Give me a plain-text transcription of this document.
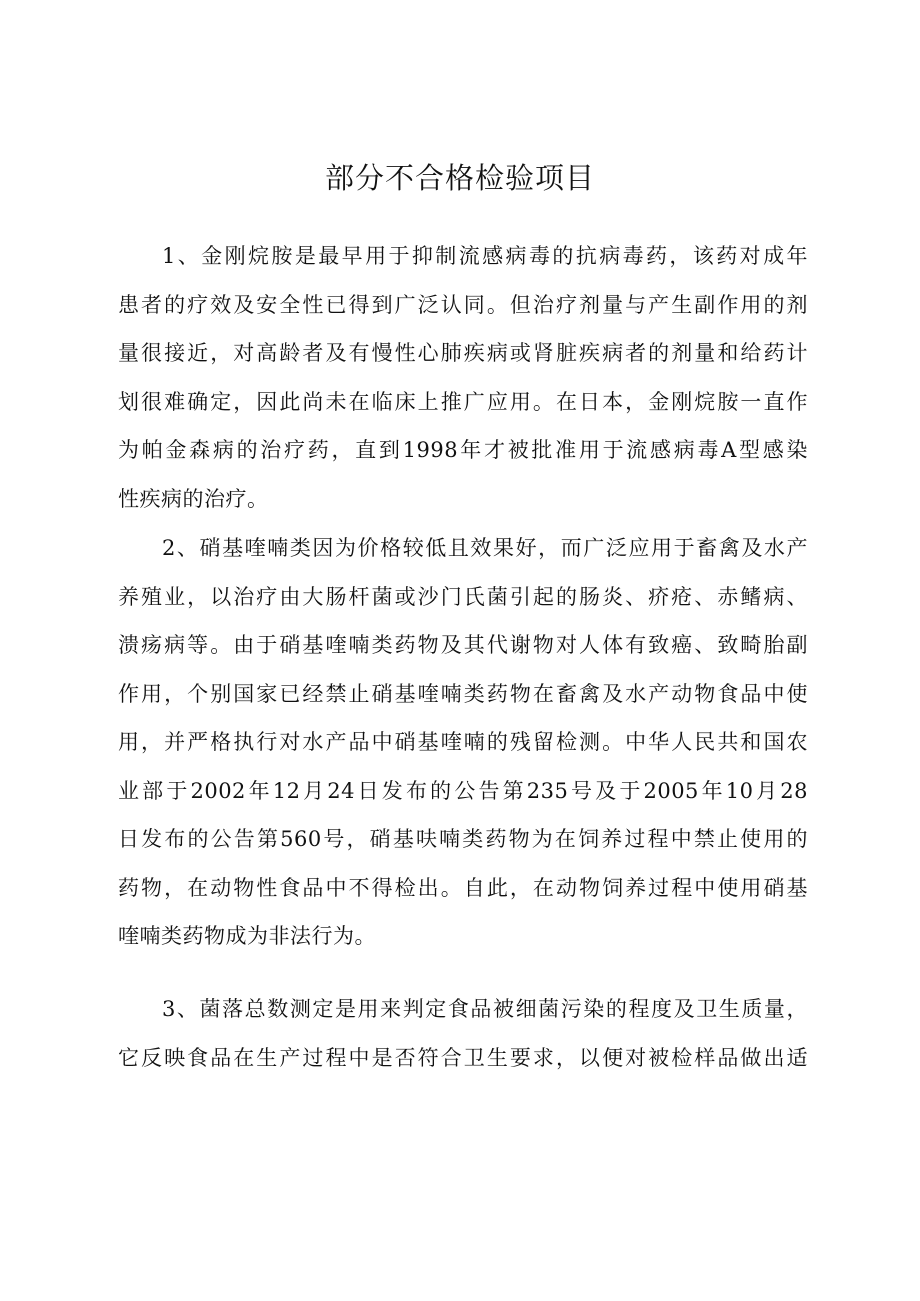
部分不合格检验项目
1、金刚烷胺是最早用于抑制流感病毒的抗病毒药，该药对成年
患者的疗效及安全性已得到广泛认同。但治疗剂量与产生副作用的剂
量很接近，对高龄者及有慢性心肺疾病或肾脏疾病者的剂量和给药计
划很难确定，因此尚未在临床上推广应用。在日本，金刚烷胺一直作
为帕金森病的治疗药，直到1998年才被批准用于流感病毒A型感染
性疾病的治疗。
2、硝基喹喃类因为价格较低且效果好，而广泛应用于畜禽及水产
养殖业，以治疗由大肠杆菌或沙门氏菌引起的肠炎、疥疮、赤鳍病、
溃疡病等。由于硝基喹喃类药物及其代谢物对人体有致癌、致畸胎副
作用，个别国家已经禁止硝基喹喃类药物在畜禽及水产动物食品中使
用，并严格执行对水产品中硝基喹喃的残留检测。中华人民共和国农
业部于2002年12月24日发布的公告第235号及于2005年10月28
日发布的公告第560号，硝基呋喃类药物为在饲养过程中禁止使用的
药物，在动物性食品中不得检出。自此，在动物饲养过程中使用硝基
喹喃类药物成为非法行为。
3、菌落总数测定是用来判定食品被细菌污染的程度及卫生质量，
它反映食品在生产过程中是否符合卫生要求，以便对被检样品做出适
